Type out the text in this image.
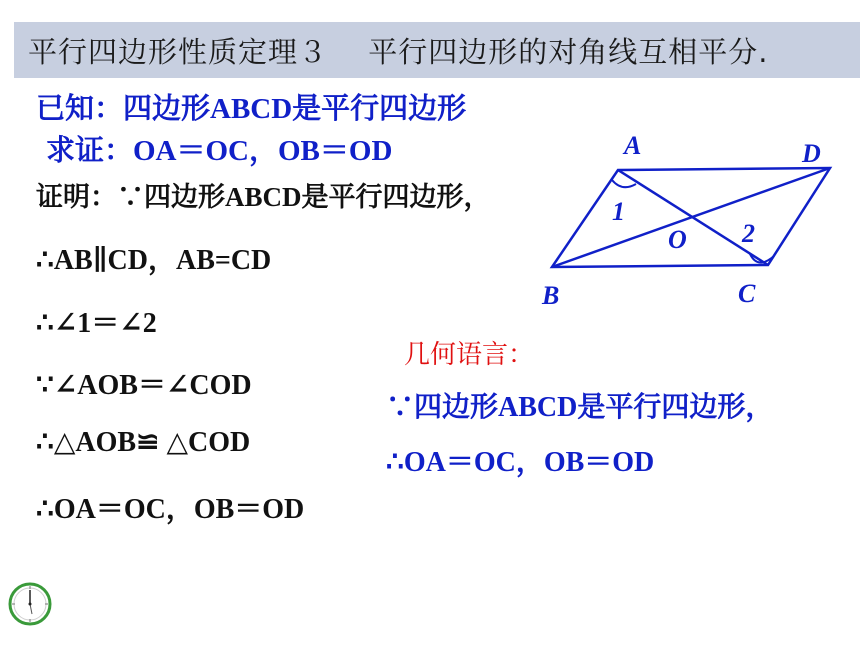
平行四边形性质定理３　 平行四边形的对角线互相平分.
已知：四边形ABCD是平行四边形
求证：OA＝OC，OB＝OD
证明：∵四边形ABCD是平行四边形，
∴AB∥CD，AB=CD
∴∠1＝∠2
∵∠AOB＝∠COD
∴△AOB≌ △COD
∴OA＝OC，OB＝OD
几何语言：
∵四边形ABCD是平行四边形，
∴OA＝OC，OB＝OD
A	D
B	C
O
1
2
